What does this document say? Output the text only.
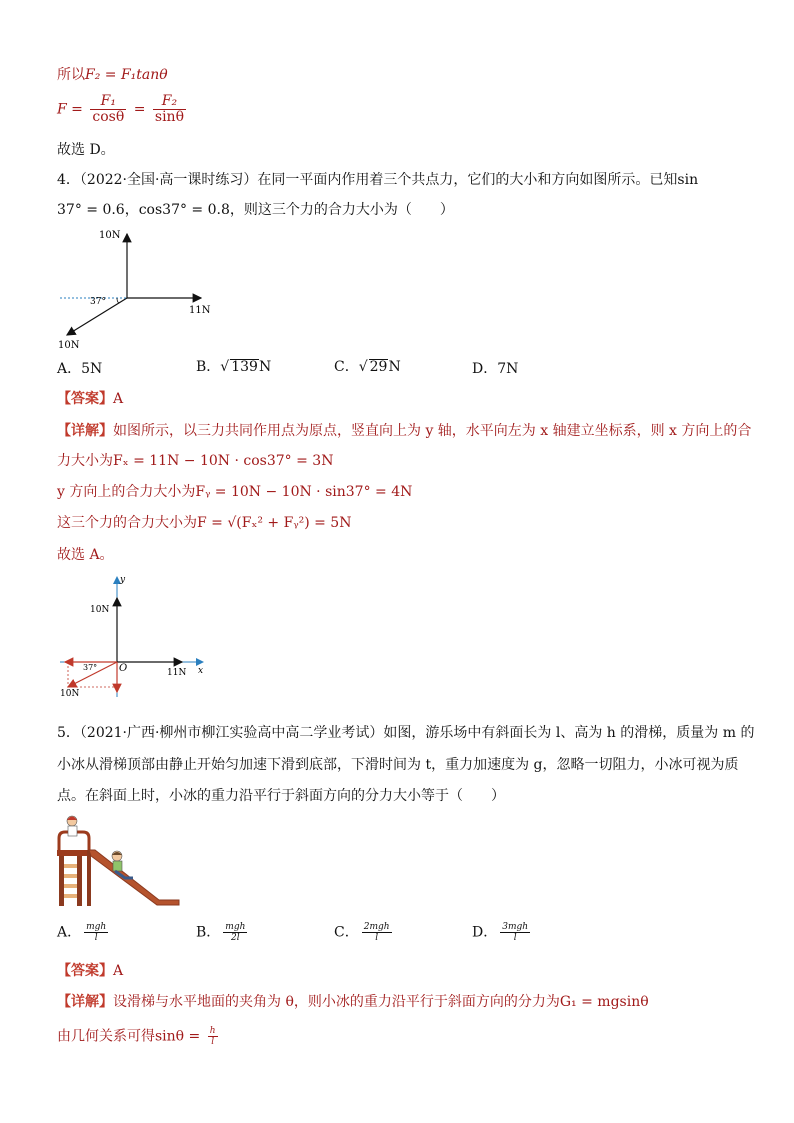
所以F₂ = F₁tanθ
$F = \frac{\text{F₁}}{\cos\theta} = \frac{\text{F₂}}{\sin\theta}$
故选 D。
4．（2022·全国·高一课时练习）在同一平面内作用着三个共点力，它们的大小和方向如图所示。已知sin
37° = 0.6，cos37° = 0.8，则这三个力的合力大小为（　　）
10N
11N
10N
37°
A．5N	B．√ 139N	C．√ 29N	D．7N
【答案】A
【详解】如图所示，以三力共同作用点为原点，竖直向上为 y 轴，水平向左为 x 轴建立坐标系，则 x 方向上的合
力大小为Fₓ = 11N − 10N · cos37° = 3N
y 方向上的合力大小为Fᵧ = 10N − 10N · sin37° = 4N
这三个力的合力大小为F = √(Fₓ² + Fᵧ²) = 5N
故选 A。
y
x
O
10N
11N
10N
37°
5．（2021·广西·柳州市柳江实验高中高二学业考试）如图，游乐场中有斜面长为 l、高为 h 的滑梯，质量为 m 的
小冰从滑梯顶部由静止开始匀加速下滑到底部，下滑时间为 t，重力加速度为 g，忽略一切阻力，小冰可视为质
点。在斜面上时，小冰的重力沿平行于斜面方向的分力大小等于（　　）
A． $\frac{\text{mgh}}{l}$	B． $\frac{\text{mgh}}{2l}$	C． $\frac{\text{2mgh}}{l}$	D． $\frac{\text{3mgh}}{l}$
【答案】A
【详解】设滑梯与水平地面的夹角为 θ，则小冰的重力沿平行于斜面方向的分力为G₁ = mgsinθ
由几何关系可得$\sin\theta = \frac{h}{l}$
